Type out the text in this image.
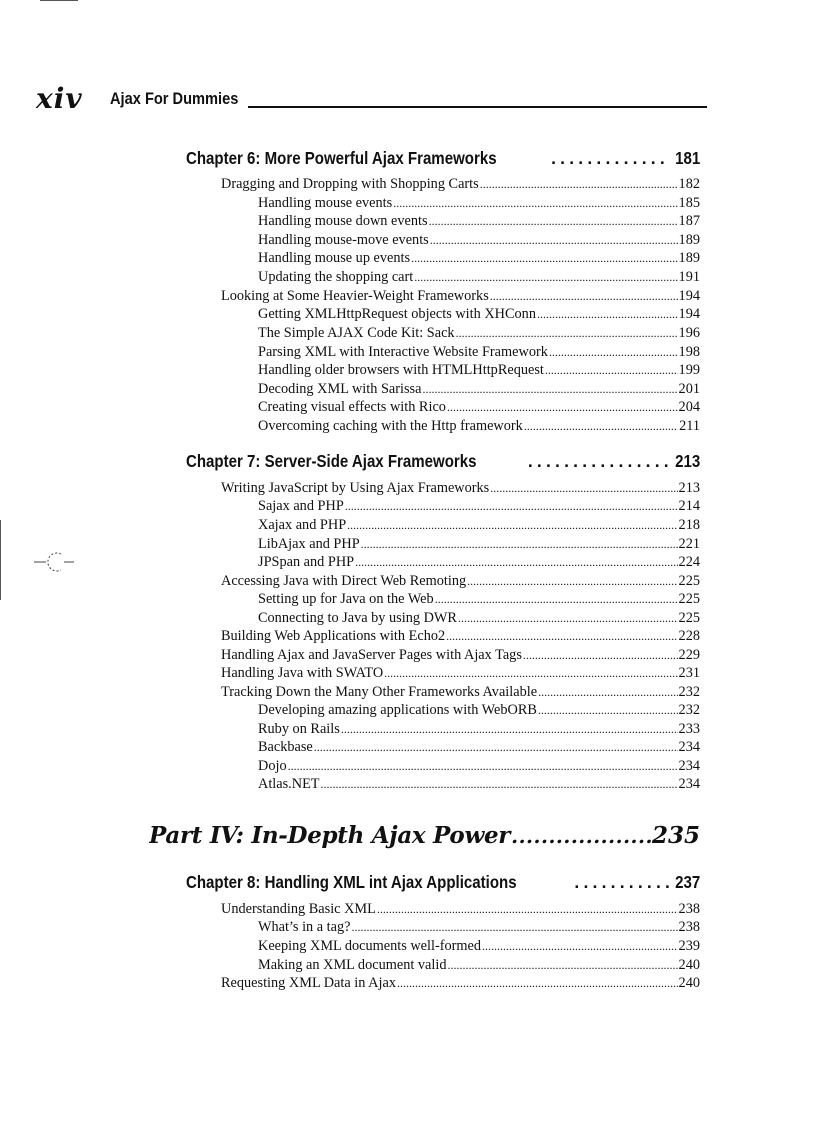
xiv Ajax For Dummies
Chapter 6: More Powerful Ajax Frameworks .....	181
Dragging and Dropping with Shopping Carts .....	182
Handling mouse events .....	185
Handling mouse down events .....	187
Handling mouse-move events .....	189
Handling mouse up events .....	189
Updating the shopping cart .....	191
Looking at Some Heavier-Weight Frameworks .....	194
Getting XMLHttpRequest objects with XHConn .....	194
The Simple AJAX Code Kit: Sack .....	196
Parsing XML with Interactive Website Framework .....	198
Handling older browsers with HTMLHttpRequest .....	199
Decoding XML with Sarissa .....	201
Creating visual effects with Rico .....	204
Overcoming caching with the Http framework .....	211
Chapter 7: Server-Side Ajax Frameworks .....	213
Writing JavaScript by Using Ajax Frameworks .....	213
Sajax and PHP .....	214
Xajax and PHP .....	218
LibAjax and PHP .....	221
JPSpan and PHP .....	224
Accessing Java with Direct Web Remoting .....	225
Setting up for Java on the Web .....	225
Connecting to Java by using DWR .....	225
Building Web Applications with Echo2 .....	228
Handling Ajax and JavaServer Pages with Ajax Tags .....	229
Handling Java with SWATO .....	231
Tracking Down the Many Other Frameworks Available .....	232
Developing amazing applications with WebORB .....	232
Ruby on Rails .....	233
Backbase .....	234
Dojo .....	234
Atlas.NET .....	234
Part IV: In-Depth Ajax Power .....	235
Chapter 8: Handling XML int Ajax Applications .....	237
Understanding Basic XML .....	238
What’s in a tag? .....	238
Keeping XML documents well-formed .....	239
Making an XML document valid .....	240
Requesting XML Data in Ajax .....	240
